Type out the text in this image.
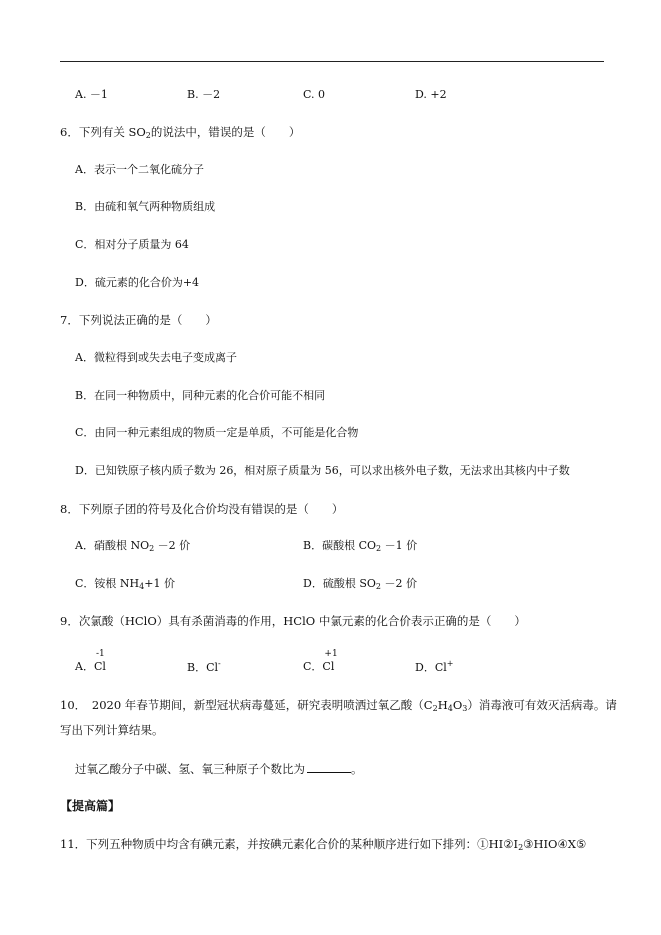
A. －1	B. －2	C. 0	D. +2
6．下列有关 $SO_2$的说法中，错误的是（　　）
A．表示一个二氧化硫分子
B．由硫和氧气两种物质组成
C．相对分子质量为 64
D．硫元素的化合价为+4
7．下列说法正确的是（　　）
A．微粒得到或失去电子变成离子
B．在同一种物质中，同种元素的化合价可能不相同
C．由同一种元素组成的物质一定是单质，不可能是化合物
D．已知铁原子核内质子数为 26，相对原子质量为 56，可以求出核外电子数，无法求出其核内中子数
8．下列原子团的符号及化合价均没有错误的是（　　）
A．硝酸根 $NO_2 -2$ 价	B．碳酸根 $CO_2 -1$ 价
C．铵根 $NH_4+1$ 价	D．硫酸根 $SO_2 -2$ 价
9．次氯酸（HClO）具有杀菌消毒的作用，HClO 中氯元素的化合价表示正确的是（　　）
A．
-1
Cl	B．Cl-	C．
+1
Cl	D．Cl+
10．　2020 年春节期间，新型冠状病毒蔓延，研究表明喷洒过氧乙酸$(C_2H_4O_3)$消毒液可有效灭活病毒。请
写出下列计算结果。
过氧乙酸分子中碳、氢、氧三种原子个数比为	。
【提高篇】
11．下列五种物质中均含有碘元素，并按碘元素化合价的某种顺序进行如下排列：$①HI②I_2③HIO④X⑤$
